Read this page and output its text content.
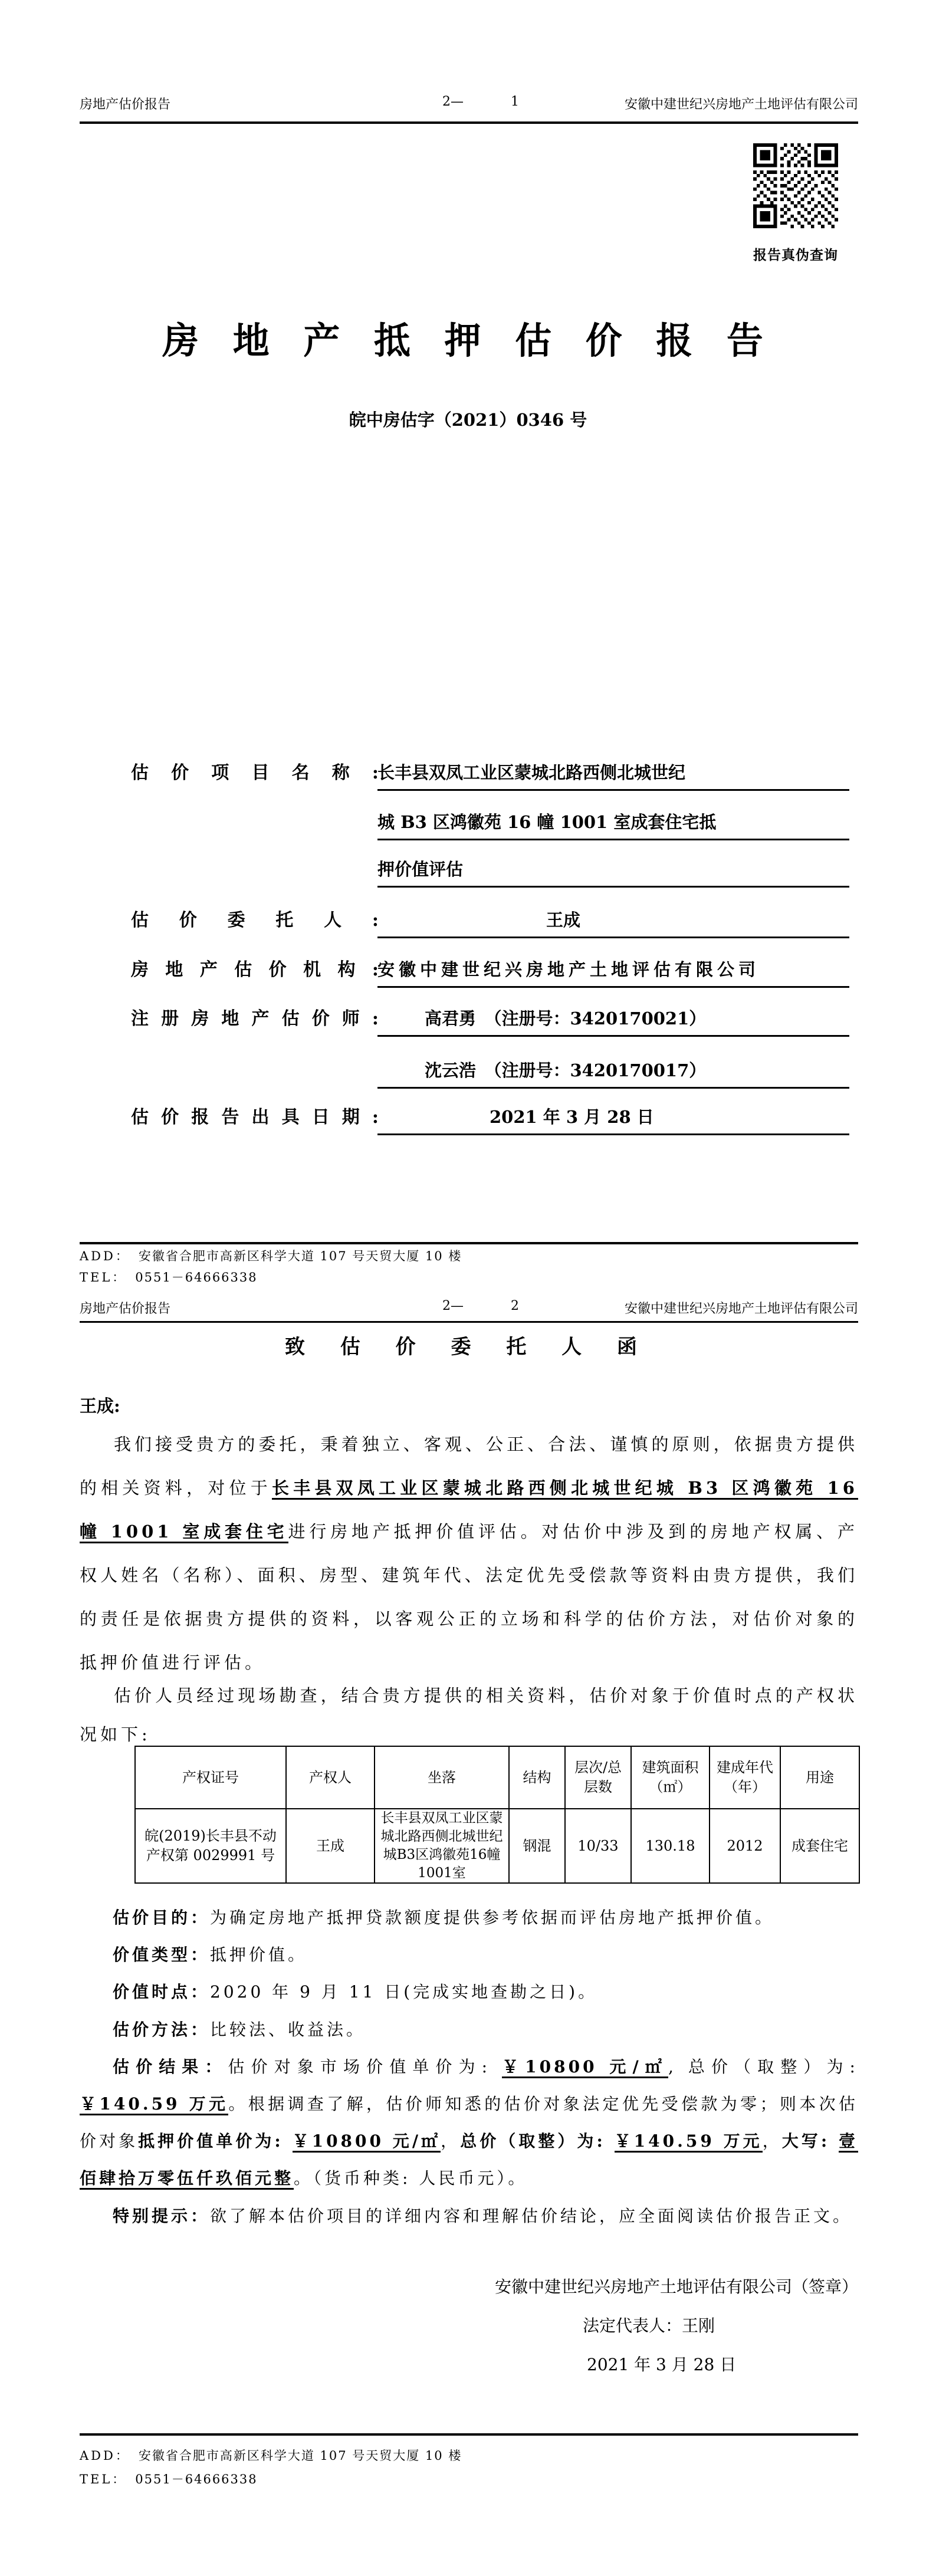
房地产估价报告	2—	1	安徽中建世纪兴房地产土地评估有限公司
报告真伪查询
房 地 产 抵 押 估 价 报 告
皖中房估字（2021）0346 号
估 价 项 目 名 称 :
长丰县双凤工业区蒙城北路西侧北城世纪
城 B3 区鸿徽苑 16 幢 1001 室成套住宅抵
押价值评估
估 价 委 托 人 :	王成
房地产估价机构:
安徽中建世纪兴房地产土地评估有限公司
注册房地产估价师:	高君勇　（注册号：3420170021）
沈云浩　（注册号：3420170017）
估价报告出具日期:	2021 年 3 月 28 日
ADD： 安徽省合肥市高新区科学大道 107 号天贸大厦 10 楼
TEL： 0551－64666338
房地产估价报告	2—	2	安徽中建世纪兴房地产土地评估有限公司
致 估 价 委 托 人 函
王成:
我们接受贵方的委托，秉着独立、客观、公正、合法、谨慎的原则，依据贵方提供的相关资料，对位于长丰县双凤工业区蒙城北路西侧北城世纪城 B3 区鸿徽苑 16 幢 1001 室成套住宅进行房地产抵押价值评估。对估价中涉及到的房地产权属、产权人姓名（名称）、面积、房型、建筑年代、法定优先受偿款等资料由贵方提供，我们的责任是依据贵方提供的资料，以客观公正的立场和科学的估价方法，对估价对象的抵押价值进行评估。
估价人员经过现场勘查，结合贵方提供的相关资料，估价对象于价值时点的产权状况如下:
产权证号	产权人	坐落	结构	层次/总层数	建筑面积（㎡）	建成年代（年）	用途
皖(2019)长丰县不动产权第 0029991 号	王成	长丰县双凤工业区蒙城北路西侧北城世纪城B3区鸿徽苑16幢1001室	钢混	10/33	130.18	2012	成套住宅
估价目的：为确定房地产抵押贷款额度提供参考依据而评估房地产抵押价值。
价值类型：抵押价值。
价值时点：2020 年 9 月 11 日(完成实地查勘之日)。
估价方法：比较法、收益法。
估价结果：估价对象市场价值单价为: ￥10800 元/㎡, 总价（取整）为: ￥140.59 万元。根据调查了解，估价师知悉的估价对象法定优先受偿款为零；则本次估价对象抵押价值单价为: ￥10800 元/㎡，总价（取整）为: ￥140.59 万元，大写: 壹佰肆拾万零伍仟玖佰元整。（货币种类: 人民币元）。
特别提示：欲了解本估价项目的详细内容和理解估价结论，应全面阅读估价报告正文。
安徽中建世纪兴房地产土地评估有限公司（签章）
法定代表人：王刚
2021 年 3 月 28 日
ADD： 安徽省合肥市高新区科学大道 107 号天贸大厦 10 楼
TEL： 0551－64666338
